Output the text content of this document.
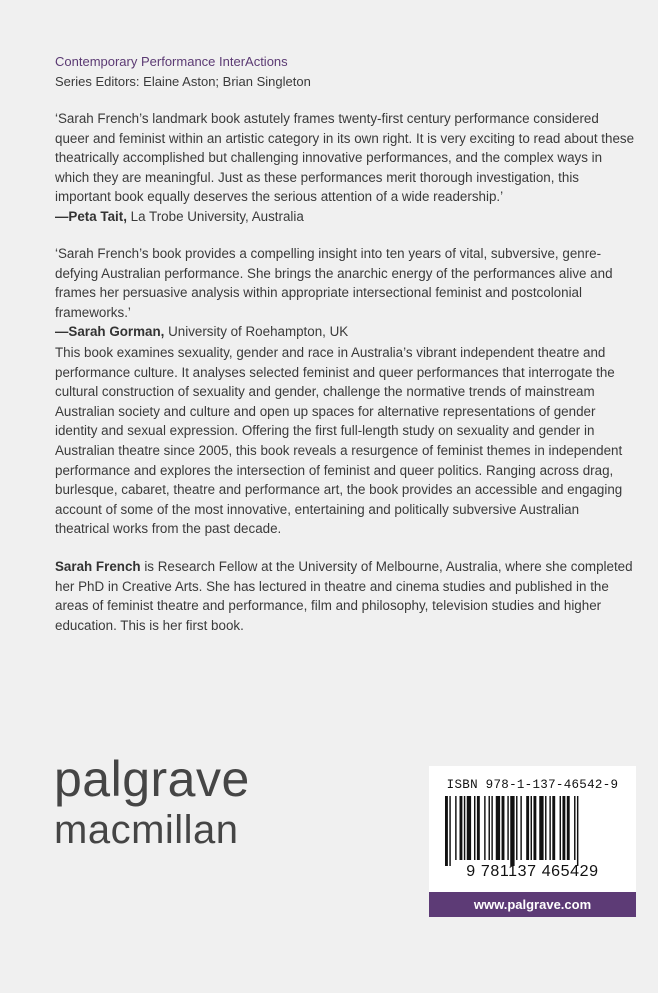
Contemporary Performance InterActions
Series Editors: Elaine Aston; Brian Singleton

‘Sarah French’s landmark book astutely frames twenty-first century performance considered queer and feminist within an artistic category in its own right. It is very exciting to read about these theatrically accomplished but challenging innovative performances, and the complex ways in which they are meaningful. Just as these performances merit thorough investigation, this important book equally deserves the serious attention of a wide readership.’
—Peta Tait, La Trobe University, Australia

‘Sarah French’s book provides a compelling insight into ten years of vital, subversive, genre-defying Australian performance. She brings the anarchic energy of the performances alive and frames her persuasive analysis within appropriate intersectional feminist and postcolonial frameworks.’
—Sarah Gorman, University of Roehampton, UK

This book examines sexuality, gender and race in Australia’s vibrant independent theatre and performance culture. It analyses selected feminist and queer performances that interrogate the cultural construction of sexuality and gender, challenge the normative trends of mainstream Australian society and culture and open up spaces for alternative representations of gender identity and sexual expression. Offering the first full-length study on sexuality and gender in Australian theatre since 2005, this book reveals a resurgence of feminist themes in independent performance and explores the intersection of feminist and queer politics. Ranging across drag, burlesque, cabaret, theatre and performance art, the book provides an accessible and engaging account of some of the most innovative, entertaining and politically subversive Australian theatrical works from the past decade.

Sarah French is Research Fellow at the University of Melbourne, Australia, where she completed her PhD in Creative Arts. She has lectured in theatre and cinema studies and published in the areas of feminist theatre and performance, film and philosophy, television studies and higher education. This is her first book.

palgrave
macmillan
ISBN 978-1-137-46542-9
9 781137 465429
www.palgrave.com
